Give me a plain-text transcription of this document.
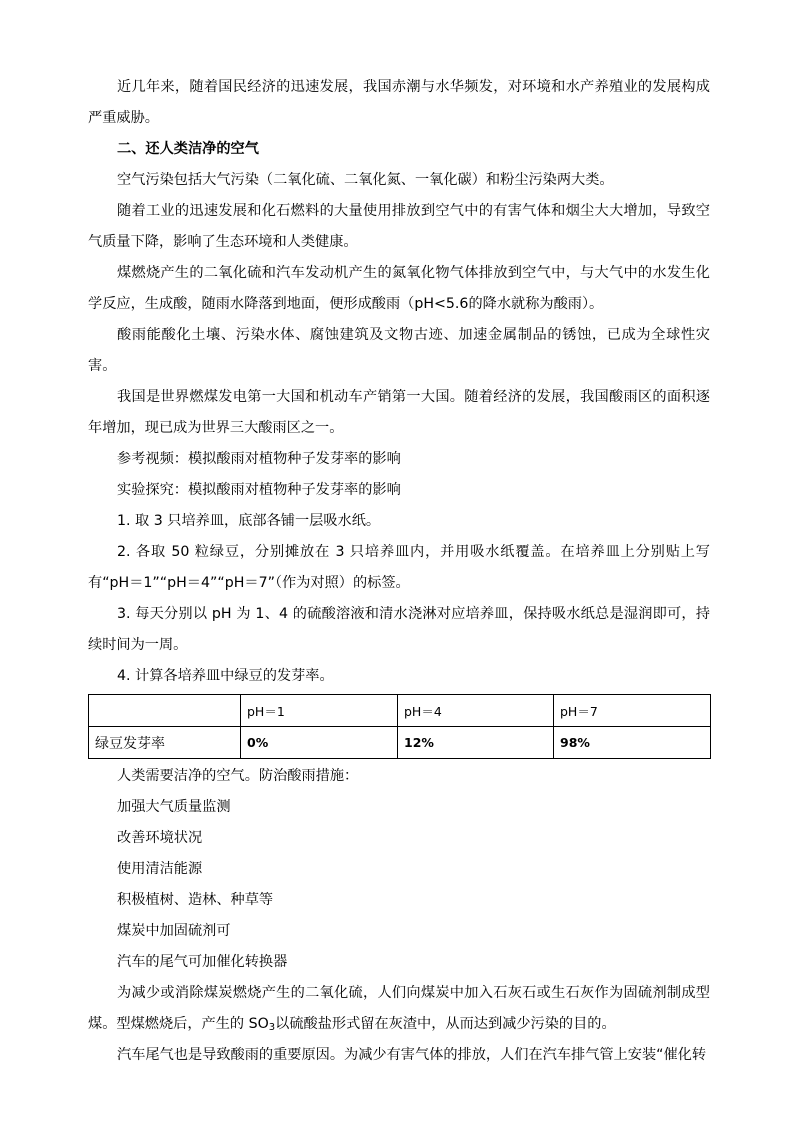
近几年来，随着国民经济的迅速发展，我国赤潮与水华频发，对环境和水产养殖业的发展构成严重威胁。

二、还人类洁净的空气

空气污染包括大气污染（二氧化硫、二氧化氮、一氧化碳）和粉尘污染两大类。

随着工业的迅速发展和化石燃料的大量使用排放到空气中的有害气体和烟尘大大增加，导致空气质量下降，影响了生态环境和人类健康。

煤燃烧产生的二氧化硫和汽车发动机产生的氮氧化物气体排放到空气中，与大气中的水发生化学反应，生成酸，随雨水降落到地面，便形成酸雨（pH<5.6的降水就称为酸雨）。

酸雨能酸化土壤、污染水体、腐蚀建筑及文物古迹、加速金属制品的锈蚀，已成为全球性灾害。

我国是世界燃煤发电第一大国和机动车产销第一大国。随着经济的发展，我国酸雨区的面积逐年增加，现已成为世界三大酸雨区之一。

参考视频：模拟酸雨对植物种子发芽率的影响

实验探究：模拟酸雨对植物种子发芽率的影响

1. 取 3 只培养皿，底部各铺一层吸水纸。

2. 各取 50 粒绿豆，分别摊放在 3 只培养皿内，并用吸水纸覆盖。在培养皿上分别贴上写有“pH＝1”“pH＝4”“pH＝7”（作为对照）的标签。

3. 每天分别以 pH 为 1、4 的硫酸溶液和清水浇淋对应培养皿，保持吸水纸总是湿润即可，持续时间为一周。

4. 计算各培养皿中绿豆的发芽率。

	pH＝1	pH＝4	pH＝7
绿豆发芽率	0%	12%	98%

人类需要洁净的空气。防治酸雨措施：

加强大气质量监测

改善环境状况

使用清洁能源

积极植树、造林、种草等

煤炭中加固硫剂可

汽车的尾气可加催化转换器

为减少或消除煤炭燃烧产生的二氧化硫，人们向煤炭中加入石灰石或生石灰作为固硫剂制成型煤。型煤燃烧后，产生的 $SO_3$以硫酸盐形式留在灰渣中，从而达到减少污染的目的。

汽车尾气也是导致酸雨的重要原因。为减少有害气体的排放，人们在汽车排气管上安装“催化转
